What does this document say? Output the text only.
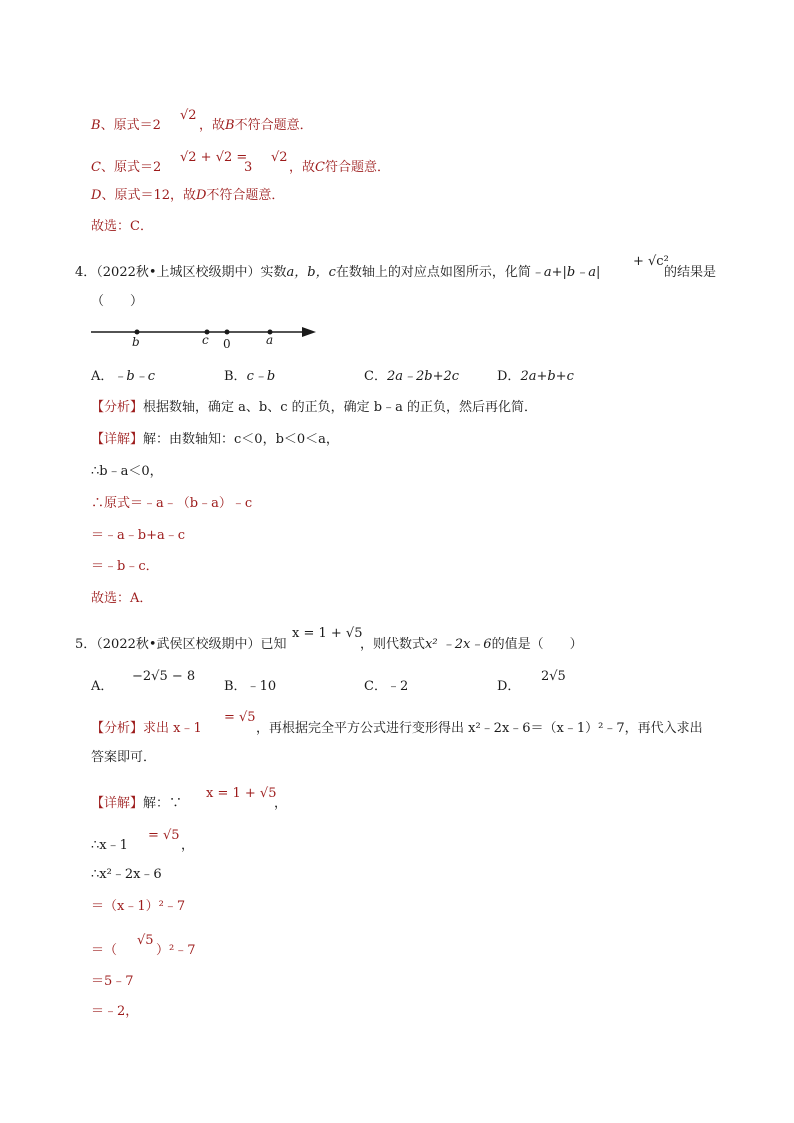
B、原式＝2
√2
，故B不符合题意．
C、原式＝2
√2 + √2 =
3
√2
，故C符合题意．
D、原式＝12，故D不符合题意．
故选：C．
4．（2022秋•上城区校级期中）实数a，b，c在数轴上的对应点如图所示，化简﹣a+|b﹣a|
+ √c²
的结果是
（　　）
b	c 0	a
A．﹣b﹣c	B．c﹣b	C．2a﹣2b+2c	D．2a+b+c
【分析】根据数轴，确定 a、b、c 的正负，确定 b﹣a 的正负，然后再化简．
【详解】解：由数轴知：c＜0，b＜0＜a，
∴b﹣a＜0，
∴原式＝﹣a﹣（b﹣a）﹣c
＝﹣a﹣b+a﹣c
＝﹣b﹣c．
故选：A．
5．（2022秋•武侯区校级期中）已知
x = 1 + √5
，则代数式x² ﹣2x﹣6的值是（　　）
A．
−2√5 − 8
B．﹣10	C．﹣2	D．
2√5
【分析】求出 x﹣1
= √5
，再根据完全平方公式进行变形得出 x²﹣2x﹣6＝（x﹣1）²﹣7，再代入求出
答案即可．
【详解】解：∵
x = 1 + √5
，
∴x﹣1
= √5
，
∴x²﹣2x﹣6
＝（x﹣1）²﹣7
＝（
√5
）²﹣7
＝5﹣7
＝﹣2，
